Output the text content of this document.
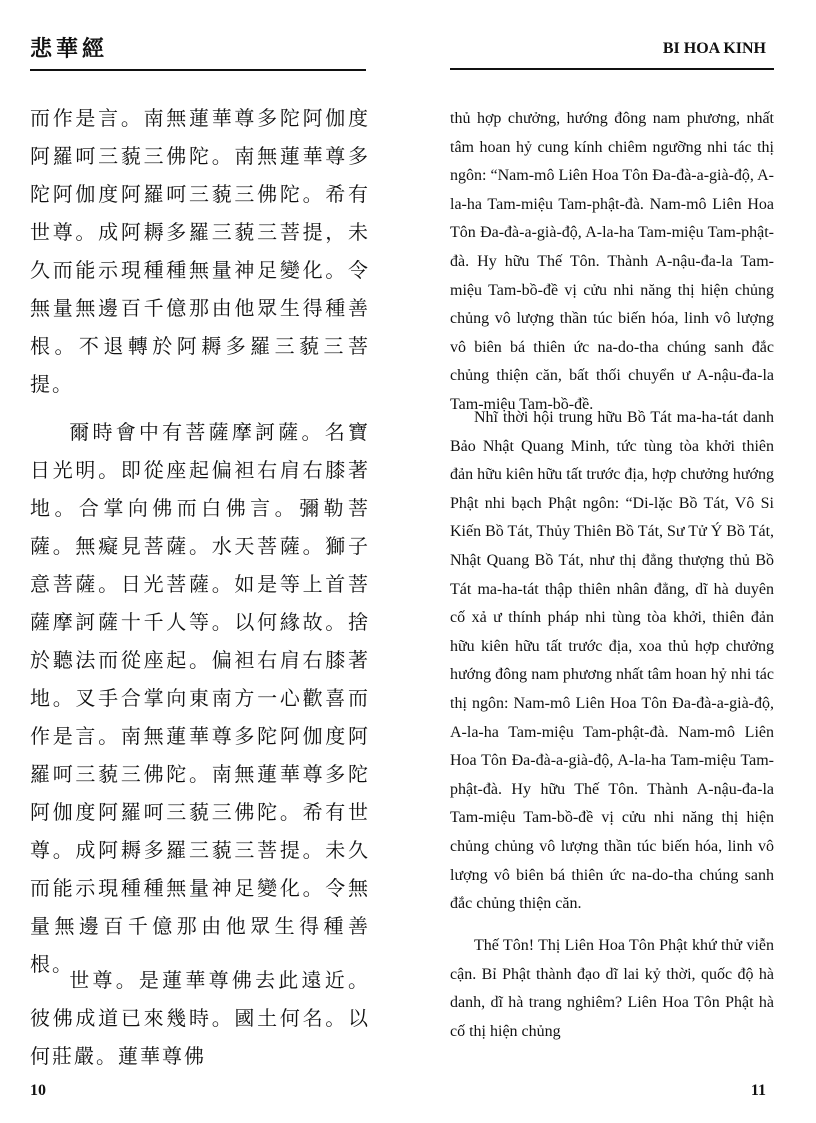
悲華經

而作是言。南無蓮華尊多陀阿伽度阿羅呵三藐三佛陀。南無蓮華尊多陀阿伽度阿羅呵三藐三佛陀。希有世尊。成阿耨多羅三藐三菩提，未久而能示現種種無量神足變化。令無量無邊百千億那由他眾生得種善根。不退轉於阿耨多羅三藐三菩提。

爾時會中有菩薩摩訶薩。名寶日光明。即從座起偏袒右肩右膝著地。合掌向佛而白佛言。彌勒菩薩。無癡見菩薩。水天菩薩。獅子意菩薩。日光菩薩。如是等上首菩薩摩訶薩十千人等。以何緣故。捨於聽法而從座起。偏袒右肩右膝著地。叉手合掌向東南方一心歡喜而作是言。南無蓮華尊多陀阿伽度阿羅呵三藐三佛陀。南無蓮華尊多陀阿伽度阿羅呵三藐三佛陀。希有世尊。成阿耨多羅三藐三菩提。未久而能示現種種無量神足變化。令無量無邊百千億那由他眾生得種善根。

世尊。是蓮華尊佛去此遠近。彼佛成道已來幾時。國土何名。以何莊嚴。蓮華尊佛

10
BI HOA KINH

thủ hợp chưởng, hướng đông nam phương, nhất tâm hoan hỷ cung kính chiêm ngưỡng nhi tác thị ngôn: “Nam-mô Liên Hoa Tôn Đa-đà-a-già-độ, A-la-ha Tam-miệu Tam-phật-đà. Nam-mô Liên Hoa Tôn Đa-đà-a-già-độ, A-la-ha Tam-miệu Tam-phật-đà. Hy hữu Thế Tôn. Thành A-nậu-đa-la Tam-miệu Tam-bồ-đề vị cửu nhi năng thị hiện chủng chủng vô lượng thần túc biến hóa, linh vô lượng vô biên bá thiên ức na-do-tha chúng sanh đắc chủng thiện căn, bất thối chuyển ư A-nậu-đa-la Tam-miệu Tam-bồ-đề.

Nhĩ thời hội trung hữu Bồ Tát ma-ha-tát danh Bảo Nhật Quang Minh, tức tùng tòa khởi thiên đản hữu kiên hữu tất trước địa, hợp chưởng hướng Phật nhi bạch Phật ngôn: “Di-lặc Bồ Tát, Vô Si Kiến Bồ Tát, Thủy Thiên Bồ Tát, Sư Tử Ý Bồ Tát, Nhật Quang Bồ Tát, như thị đẳng thượng thủ Bồ Tát ma-ha-tát thập thiên nhân đẳng, dĩ hà duyên cố xả ư thính pháp nhi tùng tòa khởi, thiên đản hữu kiên hữu tất trước địa, xoa thủ hợp chưởng hướng đông nam phương nhất tâm hoan hỷ nhi tác thị ngôn: Nam-mô Liên Hoa Tôn Đa-đà-a-già-độ, A-la-ha Tam-miệu Tam-phật-đà. Nam-mô Liên Hoa Tôn Đa-đà-a-già-độ, A-la-ha Tam-miệu Tam-phật-đà. Hy hữu Thế Tôn. Thành A-nậu-đa-la Tam-miệu Tam-bồ-đề vị cửu nhi năng thị hiện chủng chủng vô lượng thần túc biến hóa, linh vô lượng vô biên bá thiên ức na-do-tha chúng sanh đắc chủng thiện căn.

Thế Tôn! Thị Liên Hoa Tôn Phật khứ thử viễn cận. Bỉ Phật thành đạo dĩ lai kỷ thời, quốc độ hà danh, dĩ hà trang nghiêm? Liên Hoa Tôn Phật hà cố thị hiện chủng

11
